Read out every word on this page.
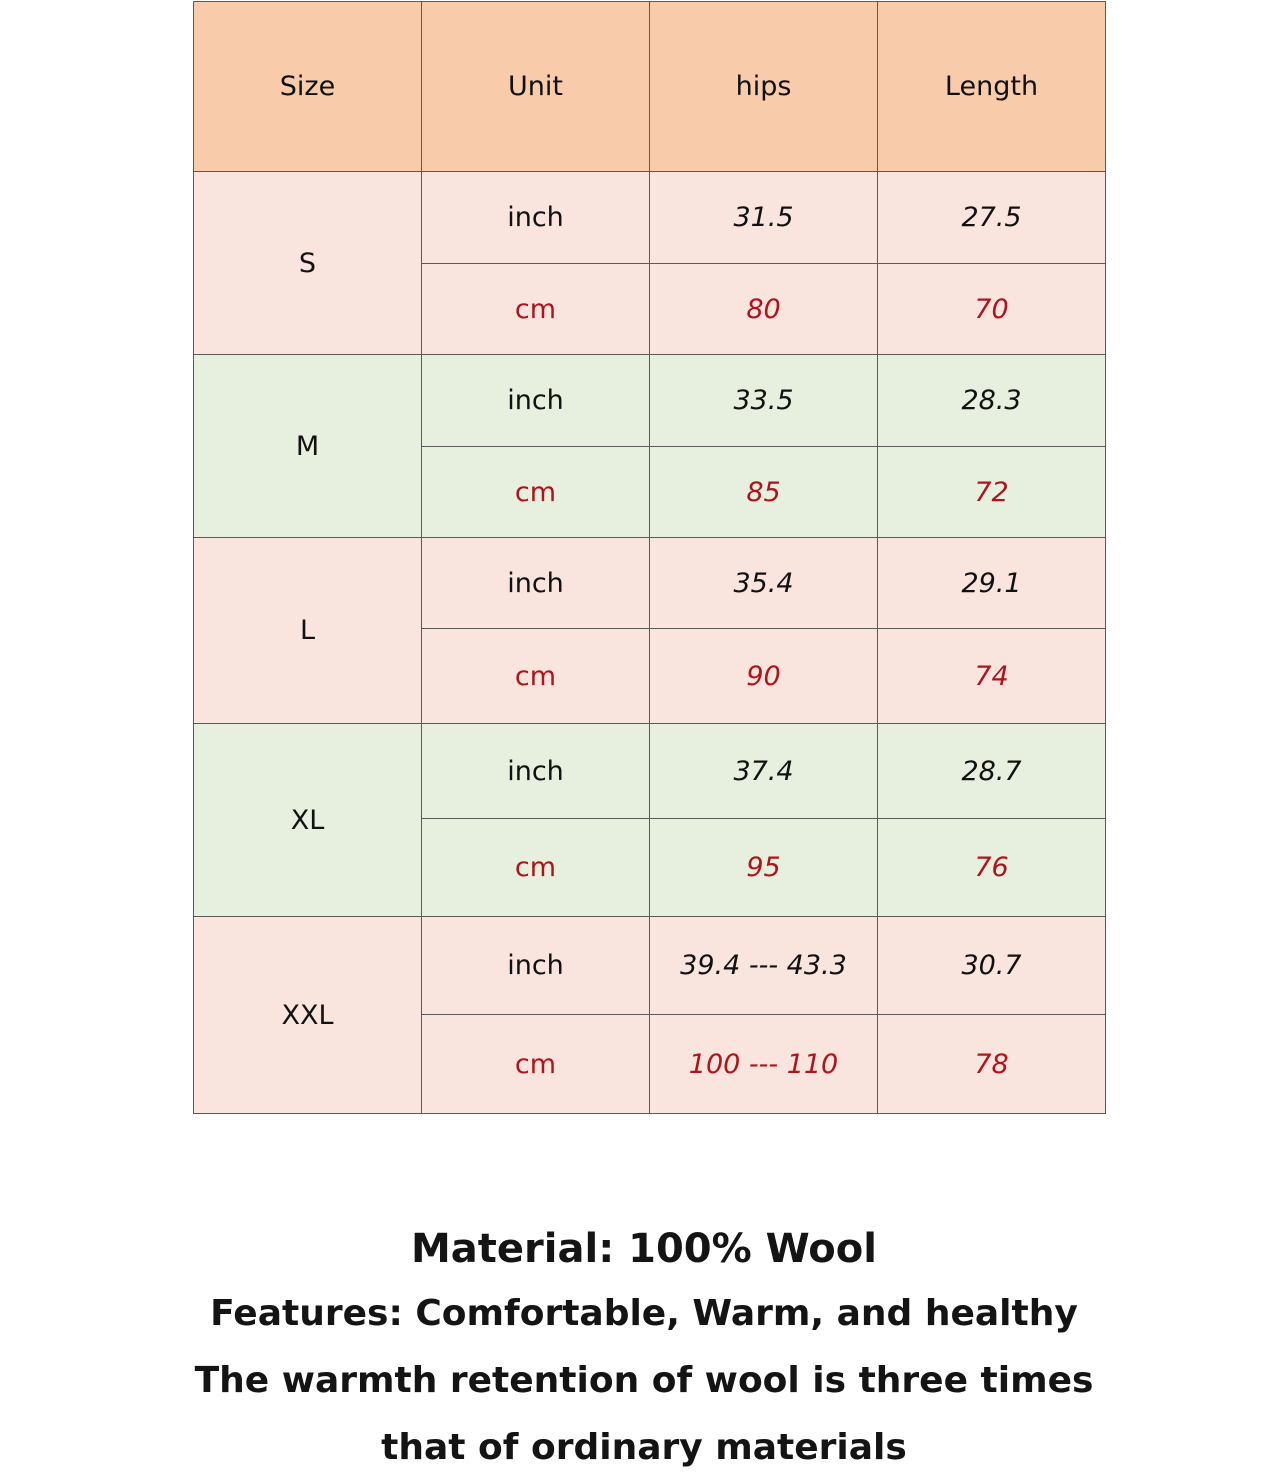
Size	Unit	hips	Length
S	inch	31.5	27.5
	cm	80	70
M	inch	33.5	28.3
	cm	85	72
L	inch	35.4	29.1
	cm	90	74
XL	inch	37.4	28.7
	cm	95	76
XXL	inch	39.4 --- 43.3	30.7
	cm	100 --- 110	78
Material: 100% Wool
Features: Comfortable, Warm, and healthy
The warmth retention of wool is three times
that of ordinary materials
